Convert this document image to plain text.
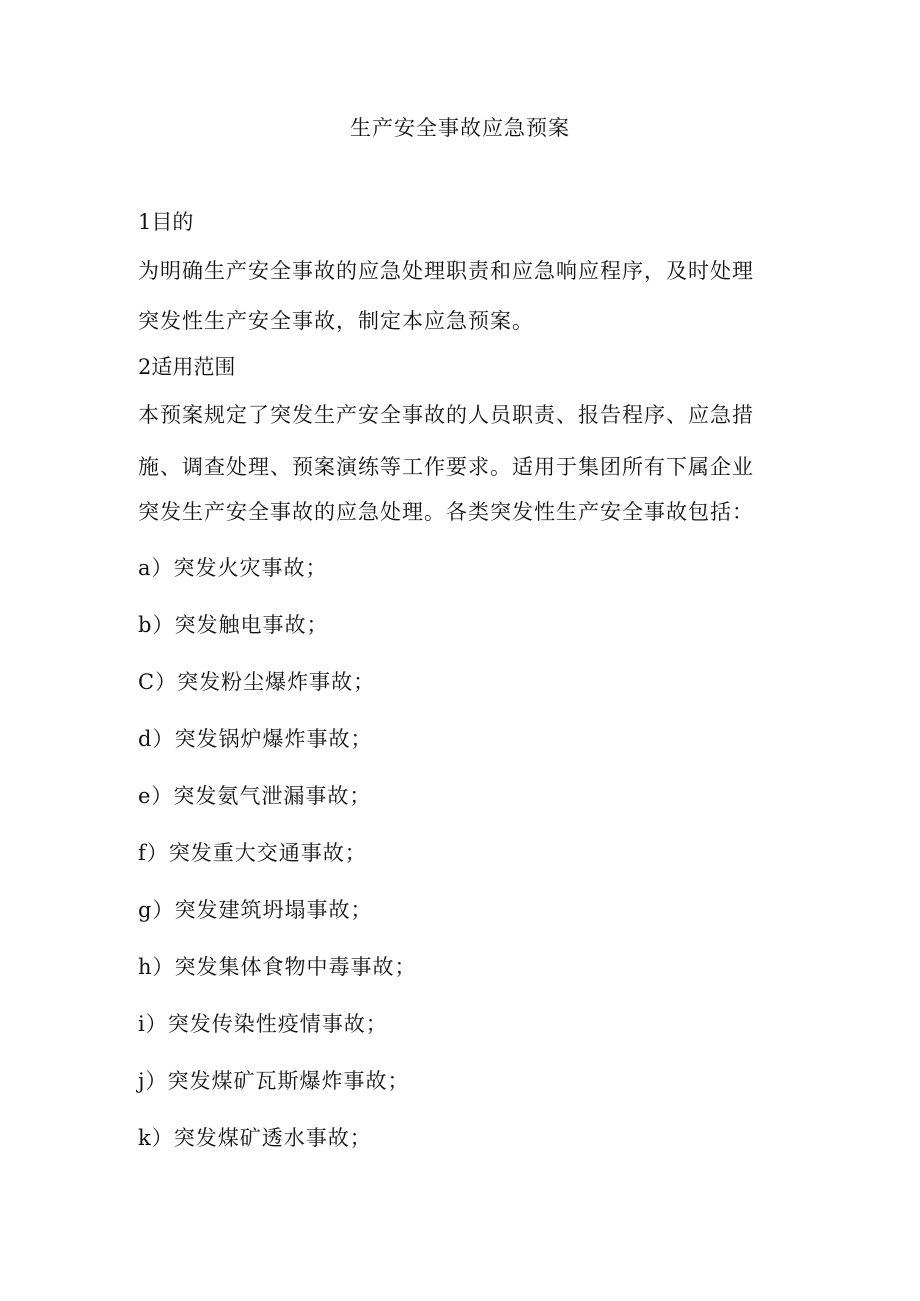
生产安全事故应急预案
1目的
为明确生产安全事故的应急处理职责和应急响应程序，及时处理
突发性生产安全事故，制定本应急预案。
2适用范围
本预案规定了突发生产安全事故的人员职责、报告程序、应急措
施、调查处理、预案演练等工作要求。适用于集团所有下属企业
突发生产安全事故的应急处理。各类突发性生产安全事故包括：
a）突发火灾事故；
b）突发触电事故；
C）突发粉尘爆炸事故；
d）突发锅炉爆炸事故；
e）突发氨气泄漏事故；
f）突发重大交通事故；
g）突发建筑坍塌事故；
h）突发集体食物中毒事故；
i）突发传染性疫情事故；
j）突发煤矿瓦斯爆炸事故；
k）突发煤矿透水事故；
